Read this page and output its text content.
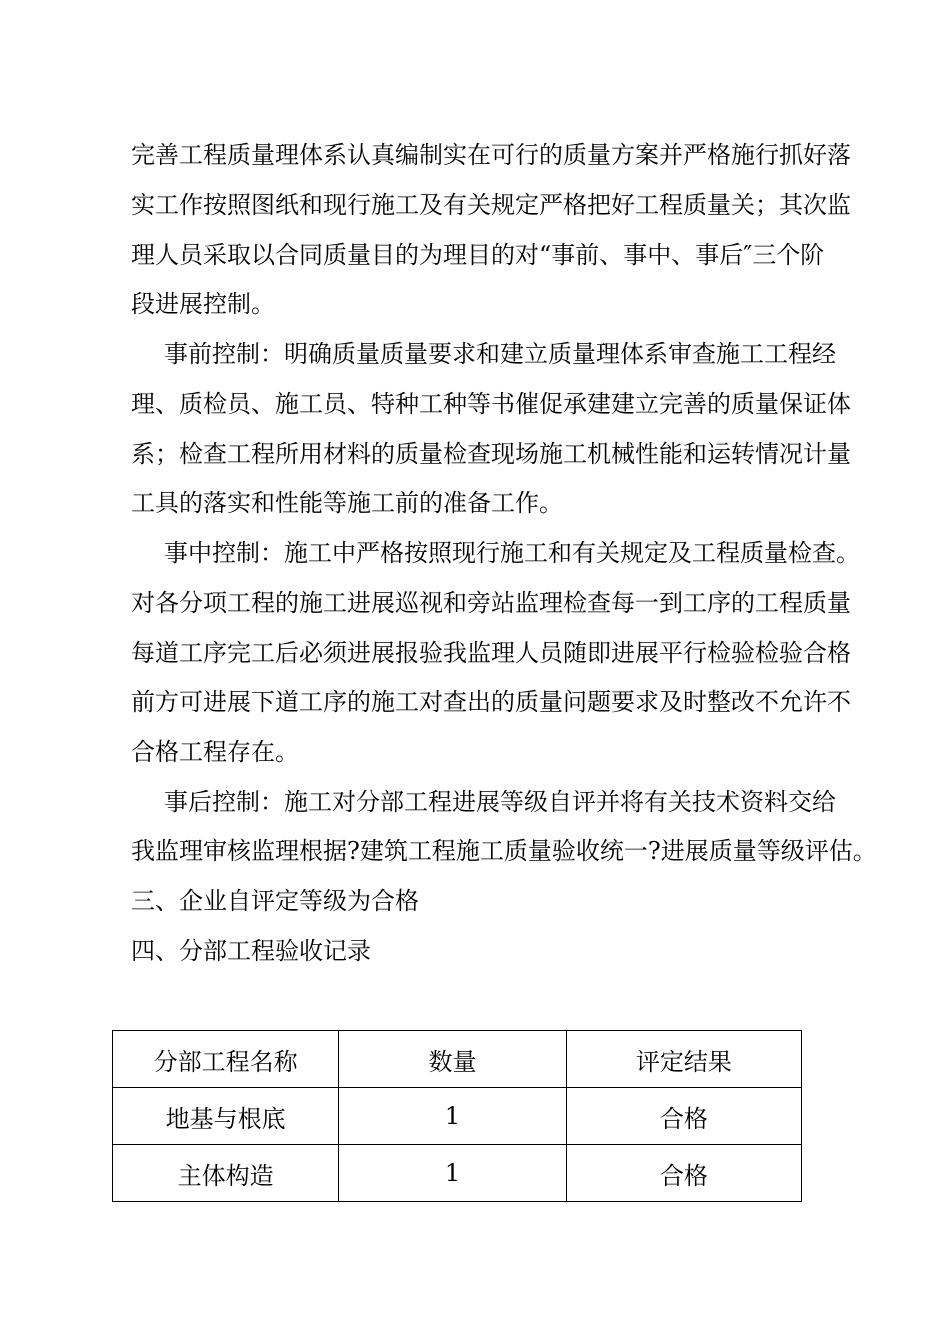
完善工程质量理体系认真编制实在可行的质量方案并严格施行抓好落
实工作按照图纸和现行施工及有关规定严格把好工程质量关；其次监
理人员采取以合同质量目的为理目的对“事前、事中、事后″三个阶
段进展控制。
事前控制：明确质量质量要求和建立质量理体系审查施工工程经
理、质检员、施工员、特种工种等书催促承建建立完善的质量保证体
系；检查工程所用材料的质量检查现场施工机械性能和运转情况计量
工具的落实和性能等施工前的准备工作。
事中控制：施工中严格按照现行施工和有关规定及工程质量检查。
对各分项工程的施工进展巡视和旁站监理检查每一到工序的工程质量
每道工序完工后必须进展报验我监理人员随即进展平行检验检验合格
前方可进展下道工序的施工对查出的质量问题要求及时整改不允许不
合格工程存在。
事后控制：施工对分部工程进展等级自评并将有关技术资料交给
我监理审核监理根据?建筑工程施工质量验收统一?进展质量等级评估。
三、企业自评定等级为合格
四、分部工程验收记录
分部工程名称	数量	评定结果
地基与根底	1	合格
主体构造	1	合格
